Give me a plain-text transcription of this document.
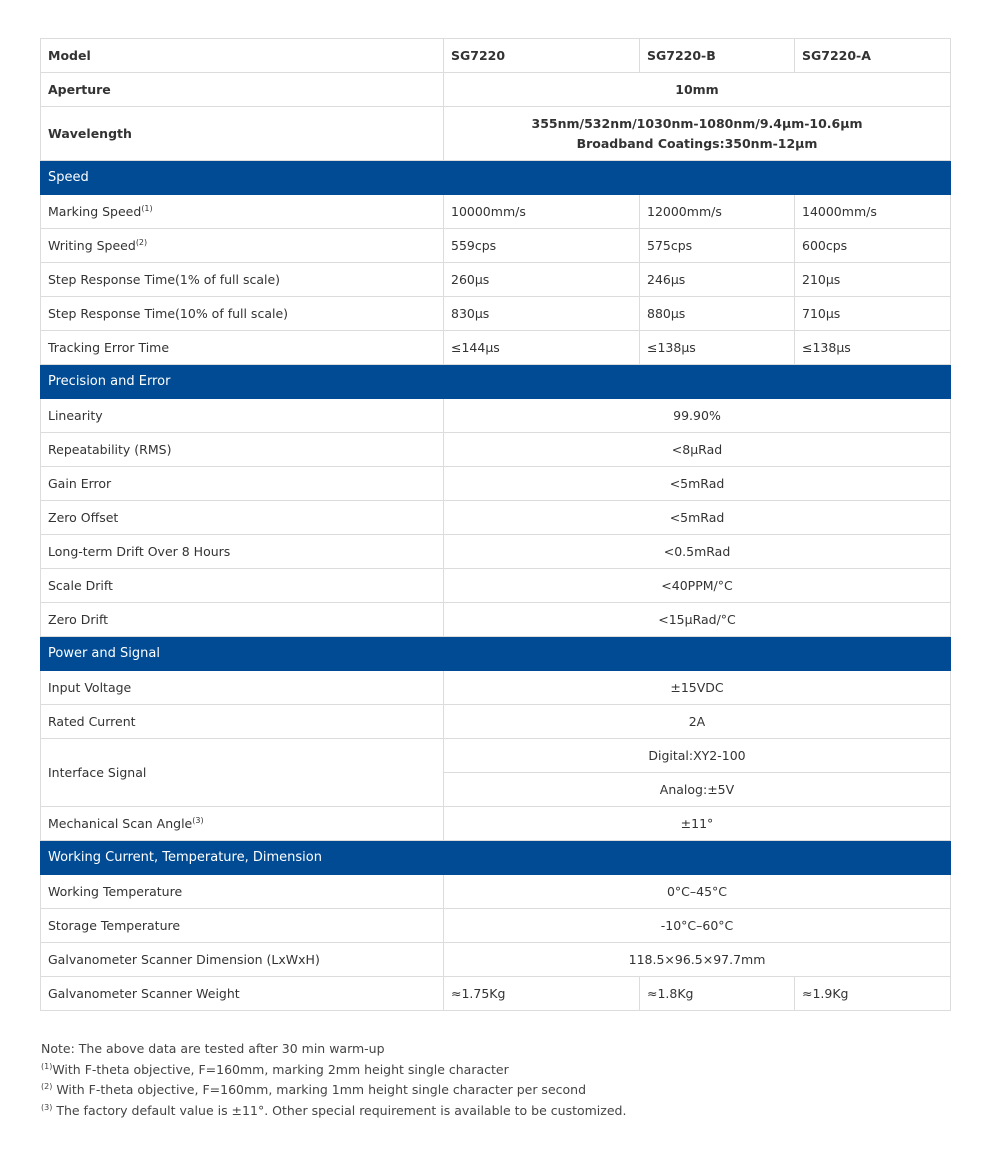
Model	SG7220	SG7220-B	SG7220-A
Aperture	10mm		
Wavelength	355nm/532nm/1030nm-1080nm/9.4μm-10.6μm
Broadband Coatings:350nm-12μm		

Speed			
Marking Speed$^{(1)}$	10000mm/s	12000mm/s	14000mm/s
Writing Speed$^{(2)}$	559cps	575cps	600cps
Step Response Time(1% of full scale)	260μs	246μs	210μs
Step Response Time(10% of full scale)	830μs	880μs	710μs
Tracking Error Time	≤144μs	≤138μs	≤138μs
Precision and Error			
Linearity	99.90%		
Repeatability (RMS)	<8μRad		
Gain Error	<5mRad		
Zero Offset	<5mRad		
Long-term Drift Over 8 Hours	<0.5mRad		
Scale Drift	<40PPM/°C		
Zero Drift	<15μRad/°C		
Power and Signal			
Input Voltage	±15VDC		
Rated Current	2A		
Interface Signal	Digital:XY2-100		
	Analog:±5V		
Mechanical Scan Angle$^{(3)}$	±11°		
Working Current, Temperature, Dimension			
Working Temperature	0°C–45°C		
Storage Temperature	-10°C–60°C		
Galvanometer Scanner Dimension (LxWxH)	118.5×96.5×97.7mm		
Galvanometer Scanner Weight	≈1.75Kg	≈1.8Kg	≈1.9Kg
Note: The above data are tested after 30 min warm-up
$^{(1)}$With F-theta objective, F=160mm, marking 2mm height single character
$^{(2)}$ With F-theta objective, F=160mm, marking 1mm height single character per second
$^{(3)}$ The factory default value is ±11°. Other special requirement is available to be customized.
